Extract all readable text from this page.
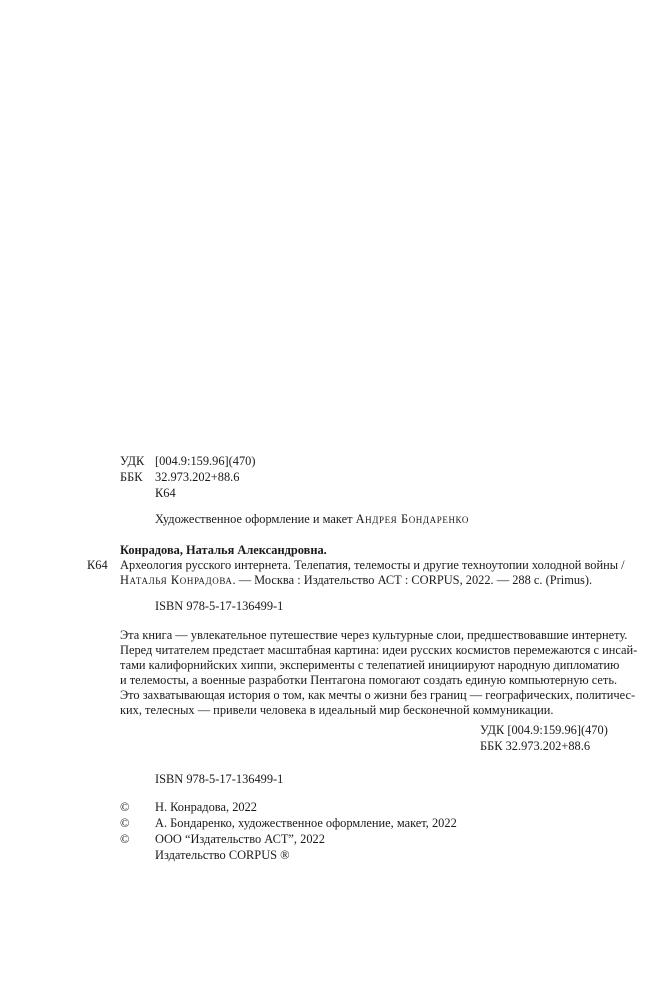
УДК [004.9:159.96](470)
ББК 32.973.202+88.6
К64
Художественное оформление и макет Андрея Бондаренко
Конрадова, Наталья Александровна.
К64 Археология русского интернета. Телепатия, телемосты и другие техноутопии холодной войны /
Наталья Конрадова. — Москва : Издательство АСТ : CORPUS, 2022. — 288 с. (Primus).
ISBN 978-5-17-136499-1
Эта книга — увлекательное путешествие через культурные слои, предшествовавшие интернету.
Перед читателем предстает масштабная картина: идеи русских космистов перемежаются с инсай-
тами калифорнийских хиппи, эксперименты с телепатией инициируют народную дипломатию
и телемосты, а военные разработки Пентагона помогают создать единую компьютерную сеть.
Это захватывающая история о том, как мечты о жизни без границ — географических, политичес-
ких, телесных — привели человека в идеальный мир бесконечной коммуникации.
УДК [004.9:159.96](470)
ББК 32.973.202+88.6
ISBN 978-5-17-136499-1
© Н. Конрадова, 2022
© А. Бондаренко, художественное оформление, макет, 2022
© ООО “Издательство АСТ”, 2022
Издательство CORPUS ®
